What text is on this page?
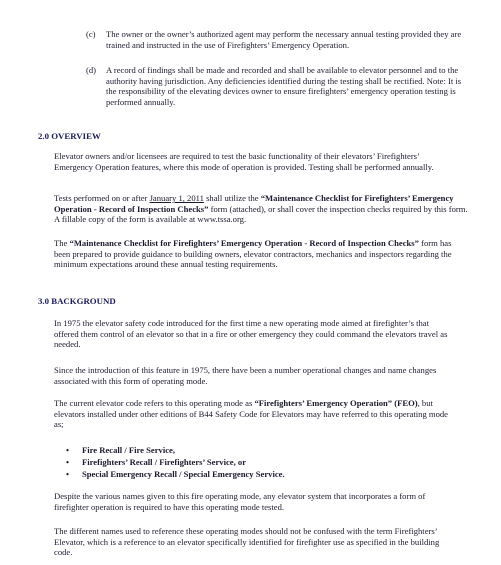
(c) The owner or the owner’s authorized agent may perform the necessary annual testing provided they are trained and instructed in the use of Firefighters’ Emergency Operation.
(d) A record of findings shall be made and recorded and shall be available to elevator personnel and to the authority having jurisdiction. Any deficiencies identified during the testing shall be rectified. Note: It is the responsibility of the elevating devices owner to ensure firefighters’ emergency operation testing is performed annually.
2.0 OVERVIEW

Elevator owners and/or licensees are required to test the basic functionality of their elevators’ Firefighters’ Emergency Operation features, where this mode of operation is provided. Testing shall be performed annually.

Tests performed on or after January 1, 2011 shall utilize the “Maintenance Checklist for Firefighters’ Emergency Operation - Record of Inspection Checks” form (attached), or shall cover the inspection checks required by this form. A fillable copy of the form is available at www.tssa.org.

The “Maintenance Checklist for Firefighters’ Emergency Operation - Record of Inspection Checks” form has been prepared to provide guidance to building owners, elevator contractors, mechanics and inspectors regarding the minimum expectations around these annual testing requirements.

3.0 BACKGROUND

In 1975 the elevator safety code introduced for the first time a new operating mode aimed at firefighter’s that offered them control of an elevator so that in a fire or other emergency they could command the elevators travel as needed.

Since the introduction of this feature in 1975, there have been a number operational changes and name changes associated with this form of operating mode.

The current elevator code refers to this operating mode as “Firefighters’ Emergency Operation” (FEO), but elevators installed under other editions of B44 Safety Code for Elevators may have referred to this operating mode as;

• Fire Recall / Fire Service,
• Firefighters’ Recall / Firefighters’ Service, or
• Special Emergency Recall / Special Emergency Service.

Despite the various names given to this fire operating mode, any elevator system that incorporates a form of firefighter operation is required to have this operating mode tested.

The different names used to reference these operating modes should not be confused with the term Firefighters’ Elevator, which is a reference to an elevator specifically identified for firefighter use as specified in the building code.
